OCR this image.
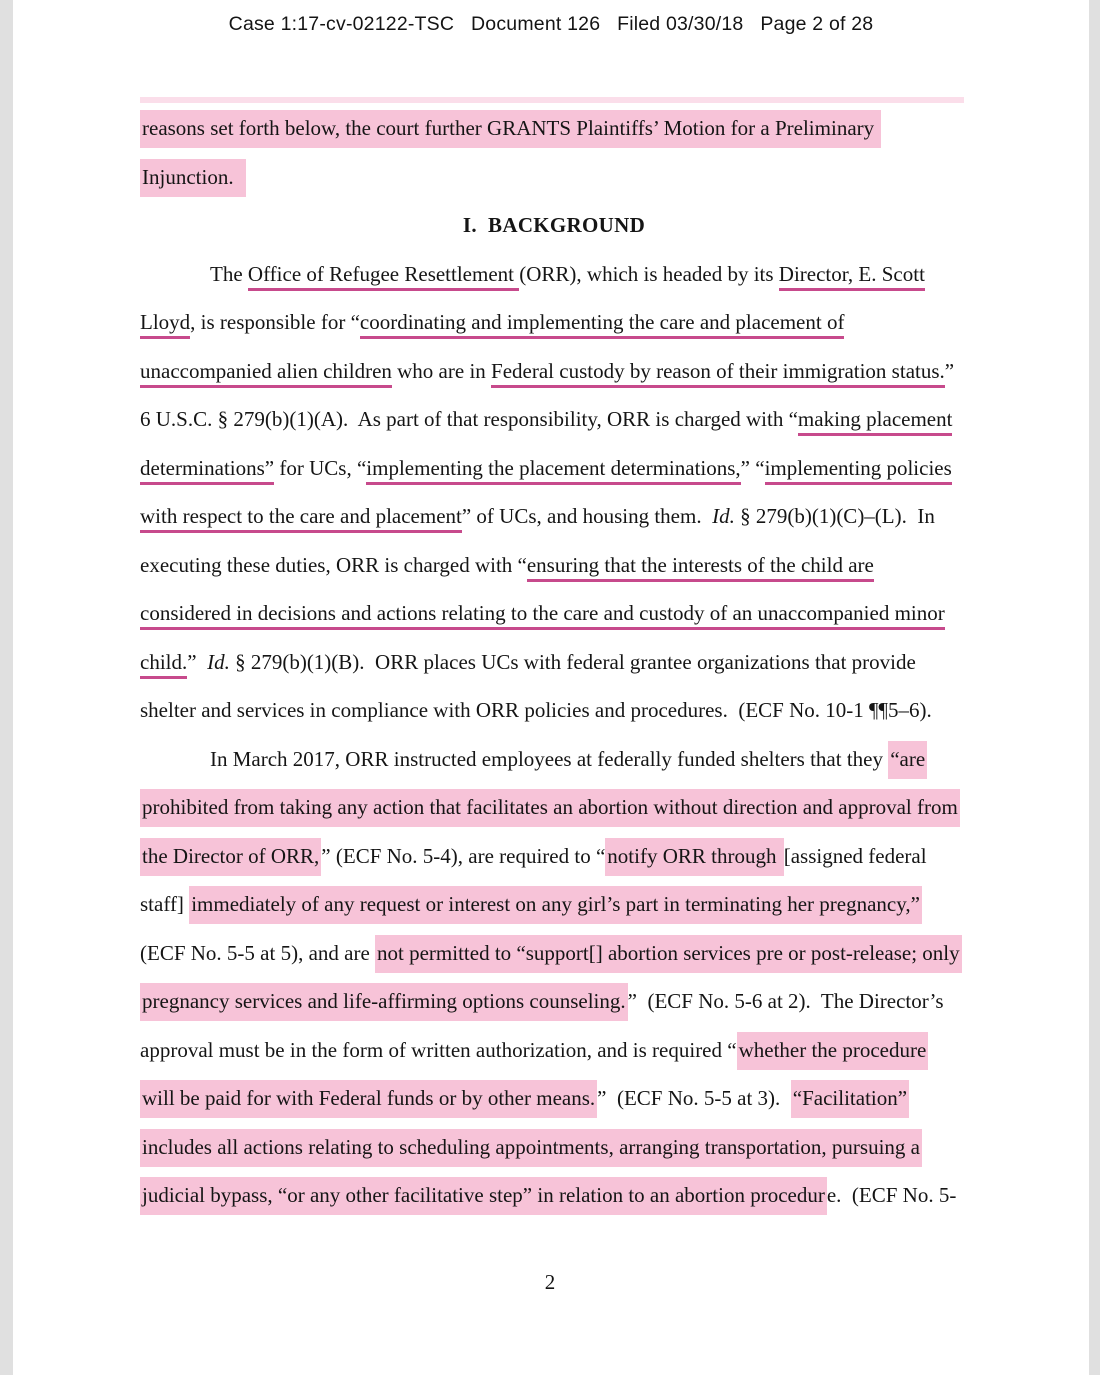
Case 1:17-cv-02122-TSC   Document 126   Filed 03/30/18   Page 2 of 28
reasons set forth below, the court further GRANTS Plaintiffs’ Motion for a Preliminary
Injunction.
I.  BACKGROUND
The Office of Refugee Resettlement (ORR), which is headed by its Director, E. Scott
Lloyd, is responsible for “coordinating and implementing the care and placement of
unaccompanied alien children who are in Federal custody by reason of their immigration status.”
6 U.S.C. § 279(b)(1)(A).  As part of that responsibility, ORR is charged with “making placement
determinations” for UCs, “implementing the placement determinations,” “implementing policies
with respect to the care and placement” of UCs, and housing them.  Id. § 279(b)(1)(C)–(L).  In
executing these duties, ORR is charged with “ensuring that the interests of the child are
considered in decisions and actions relating to the care and custody of an unaccompanied minor
child.”  Id. § 279(b)(1)(B).  ORR places UCs with federal grantee organizations that provide
shelter and services in compliance with ORR policies and procedures.  (ECF No. 10-1 ¶¶5–6).
In March 2017, ORR instructed employees at federally funded shelters that they “are
prohibited from taking any action that facilitates an abortion without direction and approval from
the Director of ORR,” (ECF No. 5-4), are required to “notify ORR through [assigned federal
staff] immediately of any request or interest on any girl’s part in terminating her pregnancy,”
(ECF No. 5-5 at 5), and are not permitted to “support[] abortion services pre or post-release; only
pregnancy services and life-affirming options counseling.”  (ECF No. 5-6 at 2).  The Director’s
approval must be in the form of written authorization, and is required “whether the procedure
will be paid for with Federal funds or by other means.”  (ECF No. 5-5 at 3).  “Facilitation”
includes all actions relating to scheduling appointments, arranging transportation, pursuing a
judicial bypass, “or any other facilitative step” in relation to an abortion procedure.  (ECF No. 5-
2
